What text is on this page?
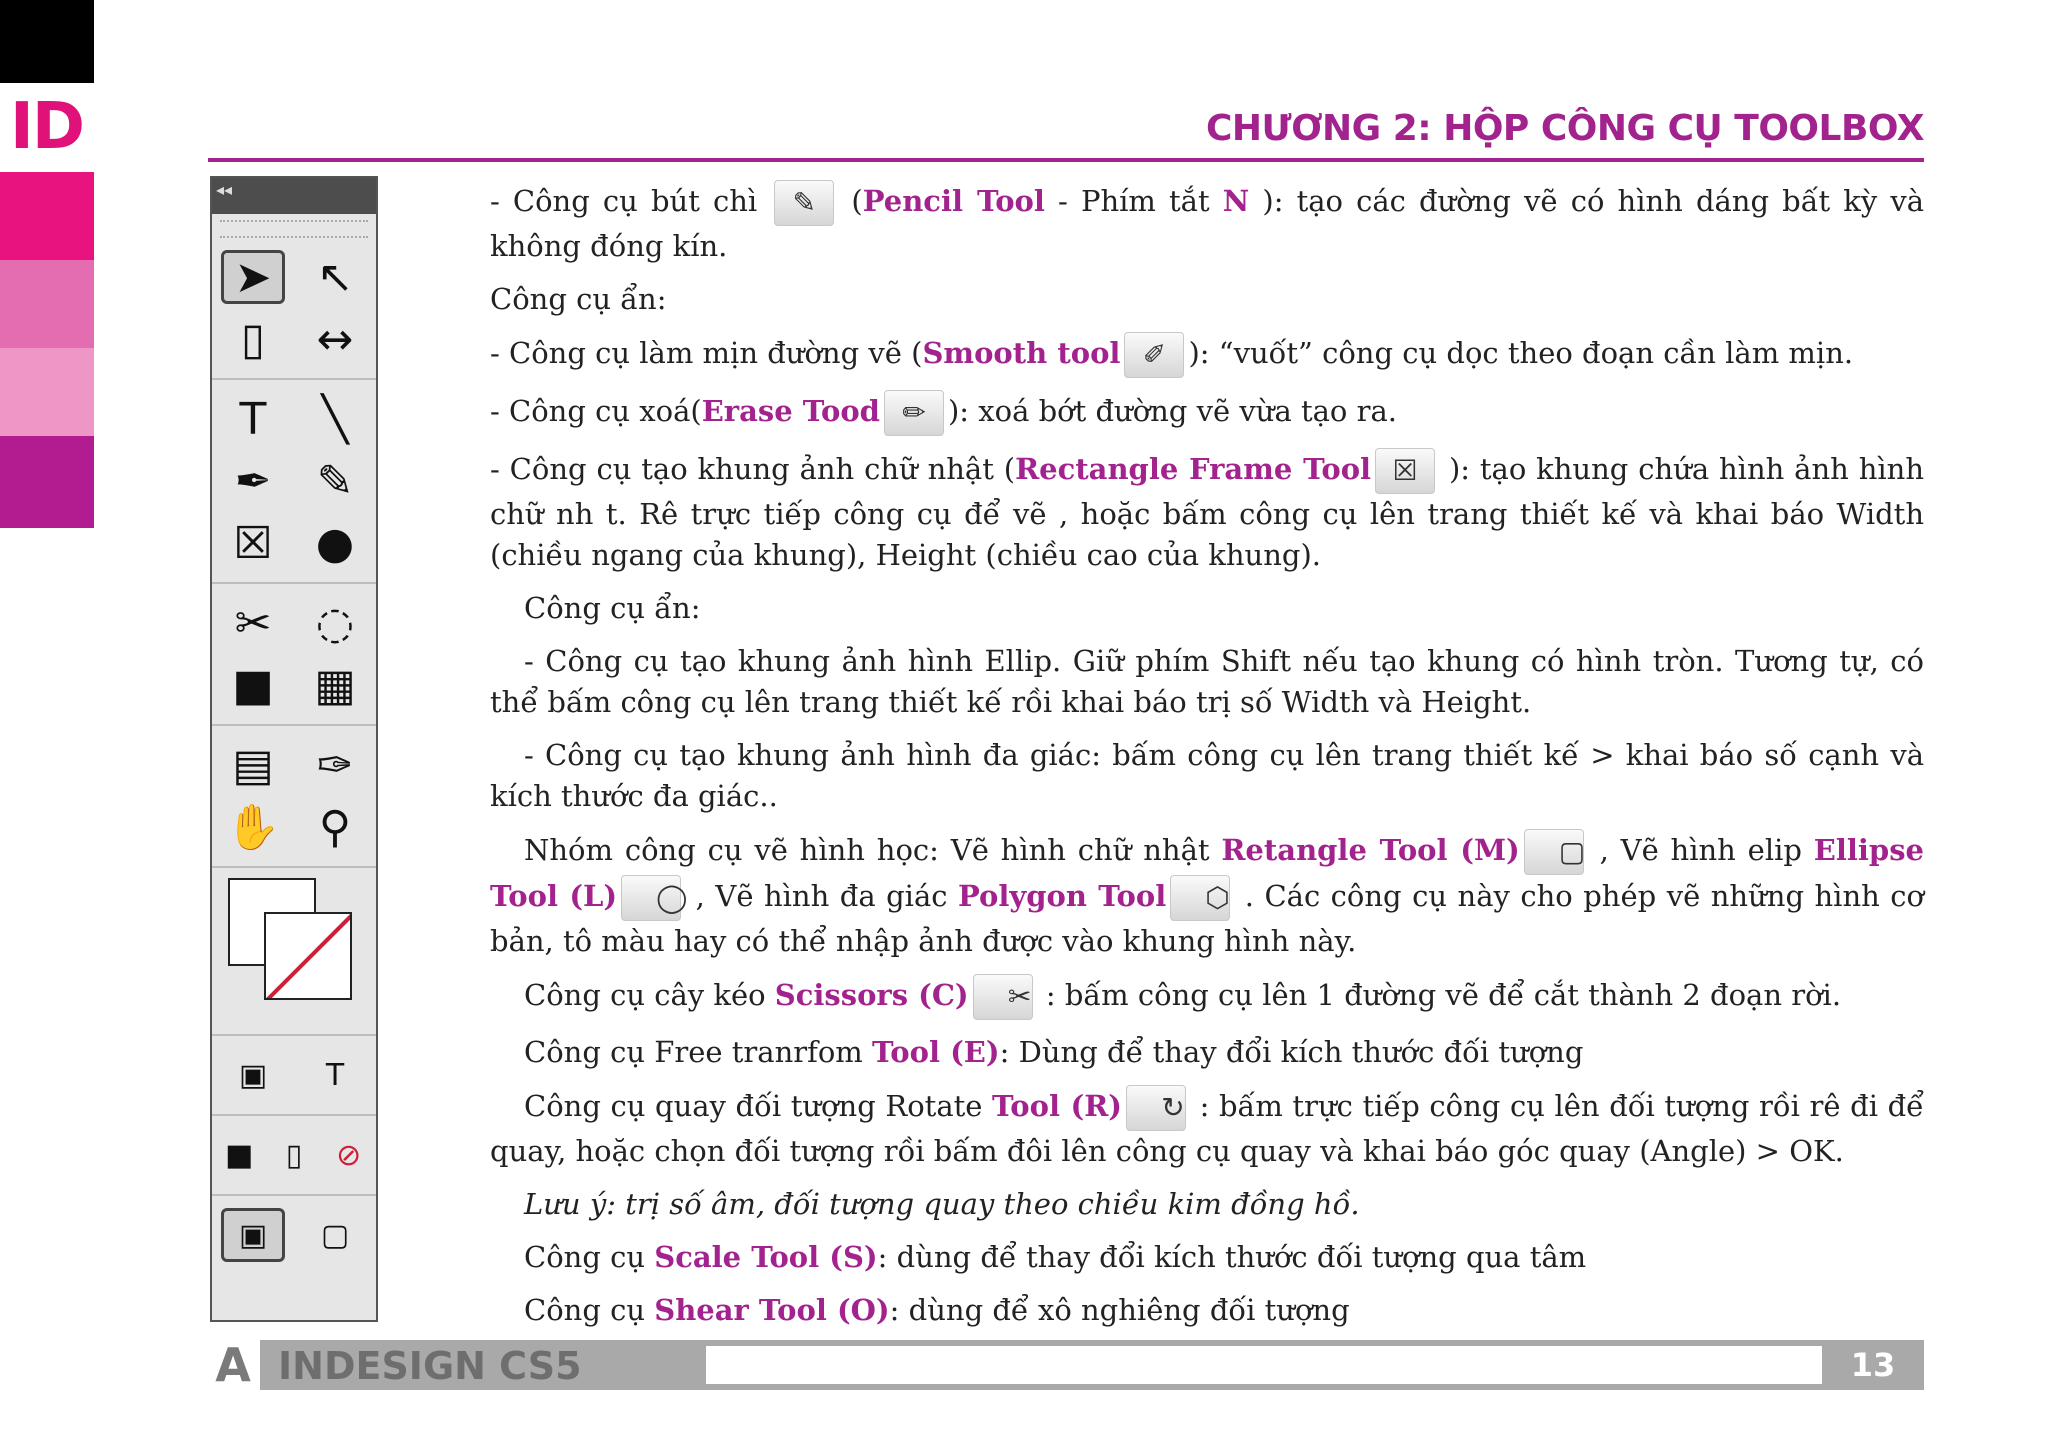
ID	CHƯƠNG 2: HỘP CÔNG CỤ TOOLBOX
◂◂
➤	↖
▯	↔
T	╲
✒	✎
☒ ●
✂	◌
■ ▦
▤ ✑
✋ ⚲
▣	T
■	▯	⊘
▣	▢

- Công cụ bút chì ✎ (Pencil Tool - Phím tắt N ): tạo các đường vẽ có hình dáng bất kỳ và không đóng kín.

Công cụ ẩn:

- Công cụ làm mịn đường vẽ (Smooth tool ✐ ): “vuốt” công cụ dọc theo đoạn cần làm mịn.

- Công cụ xoá(Erase Tood ✏ ): xoá bớt đường vẽ vừa tạo ra.

- Công cụ tạo khung ảnh chữ nhật (Rectangle Frame Tool ☒ ): tạo khung chứa hình ảnh hình chữ nh t. Rê trực tiếp công cụ để vẽ , hoặc bấm công cụ lên trang thiết kế và khai báo Width (chiều ngang của khung), Height (chiều cao của khung).

Công cụ ẩn:

- Công cụ tạo khung ảnh hình Ellip. Giữ phím Shift nếu tạo khung có hình tròn. Tương tự, có thể bấm công cụ lên trang thiết kế rồi khai báo trị số Width và Height.

- Công cụ tạo khung ảnh hình đa giác: bấm công cụ lên trang thiết kế > khai báo số cạnh và kích thước đa giác..

Nhóm công cụ vẽ hình học: Vẽ hình chữ nhật Retangle Tool (M) ▢ , Vẽ hình elip Ellipse Tool (L) ◯ , Vẽ hình đa giác Polygon Tool ⬡ . Các công cụ này cho phép vẽ những hình cơ bản, tô màu hay có thể nhập ảnh được vào khung hình này.

Công cụ cây kéo Scissors (C) ✂ : bấm công cụ lên 1 đường vẽ để cắt thành 2 đoạn rời.

Công cụ Free tranrfom Tool (E): Dùng để thay đổi kích thước đối tượng

Công cụ quay đối tượng Rotate Tool (R) ↻ : bấm trực tiếp công cụ lên đối tượng rồi rê đi để quay, hoặc chọn đối tượng rồi bấm đôi lên công cụ quay và khai báo góc quay (Angle) > OK.

Lưu ý: trị số âm, đối tượng quay theo chiều kim đồng hồ.

Công cụ Scale Tool (S): dùng để thay đổi kích thước đối tượng qua tâm

Công cụ Shear Tool (O): dùng để xô nghiêng đối tượng

A INDESIGN CS5	13
